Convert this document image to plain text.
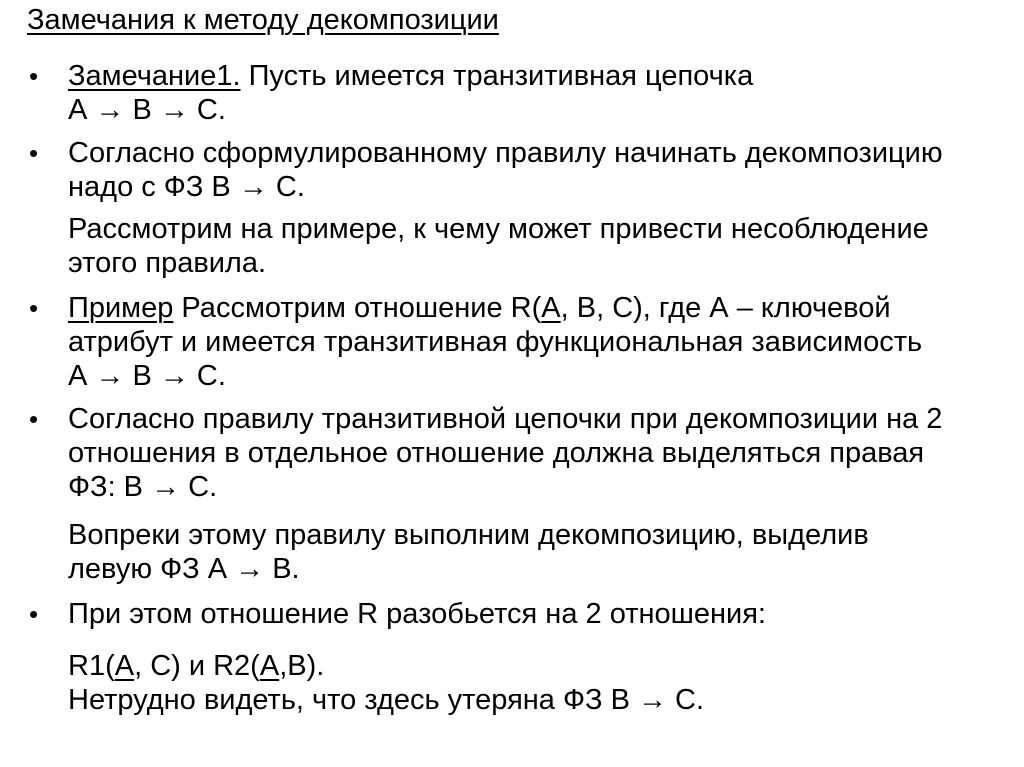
Замечания к методу декомпозиции
• Замечание1. Пусть имеется транзитивная цепочка
А → В → С.
• Согласно сформулированному правилу начинать декомпозицию
надо с ФЗ В → С.
Рассмотрим на примере, к чему может привести несоблюдение
этого правила.
• Пример Рассмотрим отношение R(А, В, С), где А – ключевой
атрибут и имеется транзитивная функциональная зависимость
А → В → С.
• Согласно правилу транзитивной цепочки при декомпозиции на 2
отношения в отдельное отношение должна выделяться правая
ФЗ: В → С.
Вопреки этому правилу выполним декомпозицию, выделив
левую ФЗ А → В.
• При этом отношение R разобьется на 2 отношения:
R1(А, С) и R2(А,В).
Нетрудно видеть, что здесь утеряна ФЗ В → С.
